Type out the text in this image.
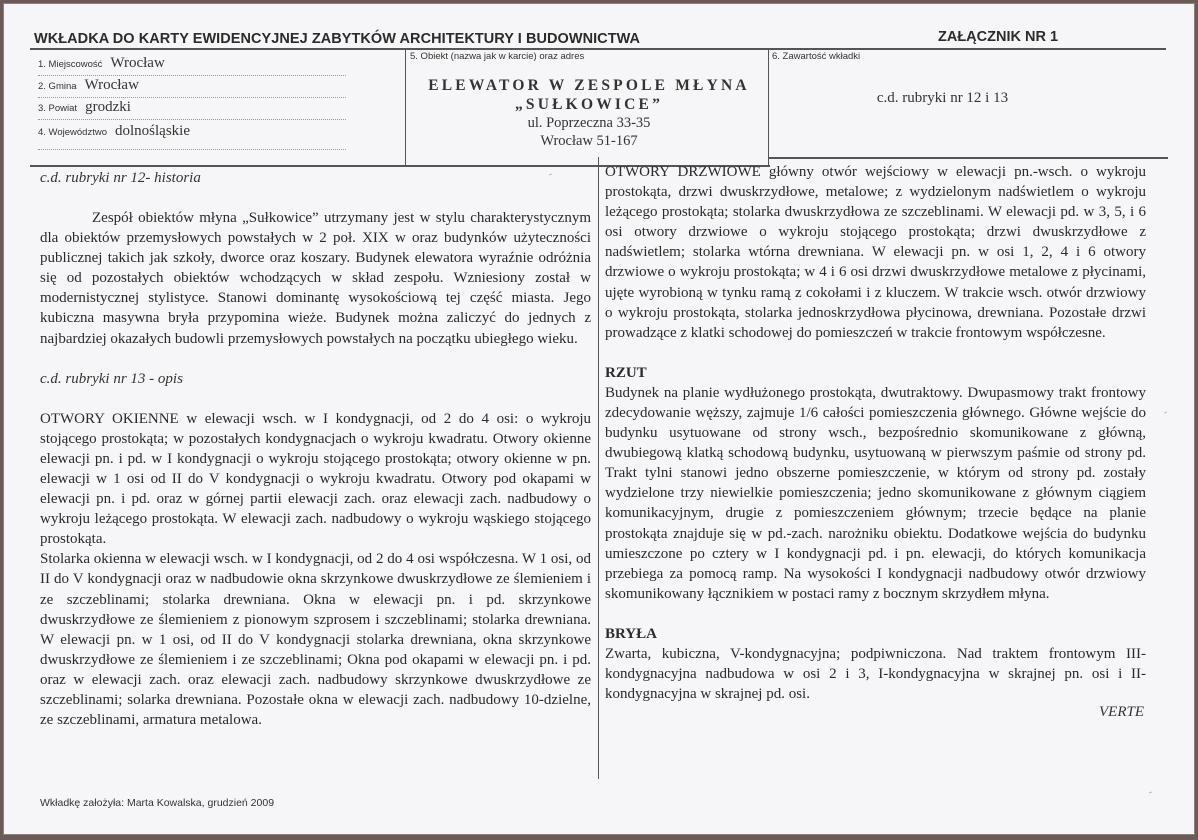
WKŁADKA DO KARTY EWIDENCYJNEJ ZABYTKÓW ARCHITEKTURY I BUDOWNICTWA	ZAŁĄCZNIK NR 1
1. Miejscowość Wrocław
2. Gmina Wrocław
3. Powiat grodzki
4. Województwo dolnośląskie
5. Obiekt (nazwa jak w karcie) oraz adres
ELEWATOR W ZESPOLE MŁYNA
„SUŁKOWICE”
ul. Poprzeczna 33-35
Wrocław 51-167
6. Zawartość wkładki
c.d. rubryki nr 12 i 13
c.d. rubryki nr 12- historia

Zespół obiektów młyna „Sułkowice” utrzymany jest w stylu charakterystycznym dla obiektów przemysłowych powstałych w 2 poł. XIX w oraz budynków użyteczności publicznej takich jak szkoły, dworce oraz koszary. Budynek elewatora wyraźnie odróżnia się od pozostałych obiektów wchodzących w skład zespołu. Wzniesiony został w modernistycznej stylistyce. Stanowi dominantę wysokościową tej część miasta. Jego kubiczna masywna bryła przypomina wieże. Budynek można zaliczyć do jednych z najbardziej okazałych budowli przemysłowych powstałych na początku ubiegłego wieku.

c.d. rubryki nr 13 - opis

OTWORY OKIENNE w elewacji wsch. w I kondygnacji, od 2 do 4 osi: o wykroju stojącego prostokąta; w pozostałych kondygnacjach o wykroju kwadratu. Otwory okienne elewacji pn. i pd. w I kondygnacji o wykroju stojącego prostokąta; otwory okienne w pn. elewacji w 1 osi od II do V kondygnacji o wykroju kwadratu. Otwory pod okapami w elewacji pn. i pd. oraz w górnej partii elewacji zach. oraz elewacji zach. nadbudowy o wykroju leżącego prostokąta. W elewacji zach. nadbudowy o wykroju wąskiego stojącego prostokąta.

Stolarka okienna w elewacji wsch. w I kondygnacji, od 2 do 4 osi współczesna. W 1 osi, od II do V kondygnacji oraz w nadbudowie okna skrzynkowe dwuskrzydłowe ze ślemieniem i ze szczeblinami; stolarka drewniana. Okna w elewacji pn. i pd. skrzynkowe dwuskrzydłowe ze ślemieniem z pionowym szprosem i szczeblinami; stolarka drewniana. W elewacji pn. w 1 osi, od II do V kondygnacji stolarka drewniana, okna skrzynkowe dwuskrzydłowe ze ślemieniem i ze szczeblinami; Okna pod okapami w elewacji pn. i pd. oraz w elewacji zach. oraz elewacji zach. nadbudowy skrzynkowe dwuskrzydłowe ze szczeblinami; solarka drewniana. Pozostałe okna w elewacji zach. nadbudowy 10-dzielne, ze szczeblinami, armatura metalowa.

OTWORY DRZWIOWE główny otwór wejściowy w elewacji pn.-wsch. o wykroju prostokąta, drzwi dwuskrzydłowe, metalowe; z wydzielonym nadświetlem o wykroju leżącego prostokąta; stolarka dwuskrzydłowa ze szczeblinami. W elewacji pd. w 3, 5, i 6 osi otwory drzwiowe o wykroju stojącego prostokąta; drzwi dwuskrzydłowe z nadświetlem; stolarka wtórna drewniana. W elewacji pn. w osi 1, 2, 4 i 6 otwory drzwiowe o wykroju prostokąta; w 4 i 6 osi drzwi dwuskrzydłowe metalowe z płycinami, ujęte wyrobioną w tynku ramą z cokołami i z kluczem. W trakcie wsch. otwór drzwiowy o wykroju prostokąta, stolarka jednoskrzydłowa płycinowa, drewniana. Pozostałe drzwi prowadzące z klatki schodowej do pomieszczeń w trakcie frontowym współczesne.

RZUT

Budynek na planie wydłużonego prostokąta, dwutraktowy. Dwupasmowy trakt frontowy zdecydowanie węższy, zajmuje 1/6 całości pomieszczenia głównego. Główne wejście do budynku usytuowane od strony wsch., bezpośrednio skomunikowane z główną, dwubiegową klatką schodową budynku, usytuowaną w pierwszym paśmie od strony pd. Trakt tylni stanowi jedno obszerne pomieszczenie, w którym od strony pd. zostały wydzielone trzy niewielkie pomieszczenia; jedno skomunikowane z głównym ciągiem komunikacyjnym, drugie z pomieszczeniem głównym; trzecie będące na planie prostokąta znajduje się w pd.-zach. narożniku obiektu. Dodatkowe wejścia do budynku umieszczone po cztery w I kondygnacji pd. i pn. elewacji, do których komunikacja przebiega za pomocą ramp. Na wysokości I kondygnacji nadbudowy otwór drzwiowy skomunikowany łącznikiem w postaci ramy z bocznym skrzydłem młyna.

BRYŁA

Zwarta, kubiczna, V-kondygnacyjna; podpiwniczona. Nad traktem frontowym III-kondygnacyjna nadbudowa w osi 2 i 3, I-kondygnacyjna w skrajnej pn. osi i II-kondygnacyjna w skrajnej pd. osi.

VERTE
Wkładkę założyła: Marta Kowalska, grudzień 2009
